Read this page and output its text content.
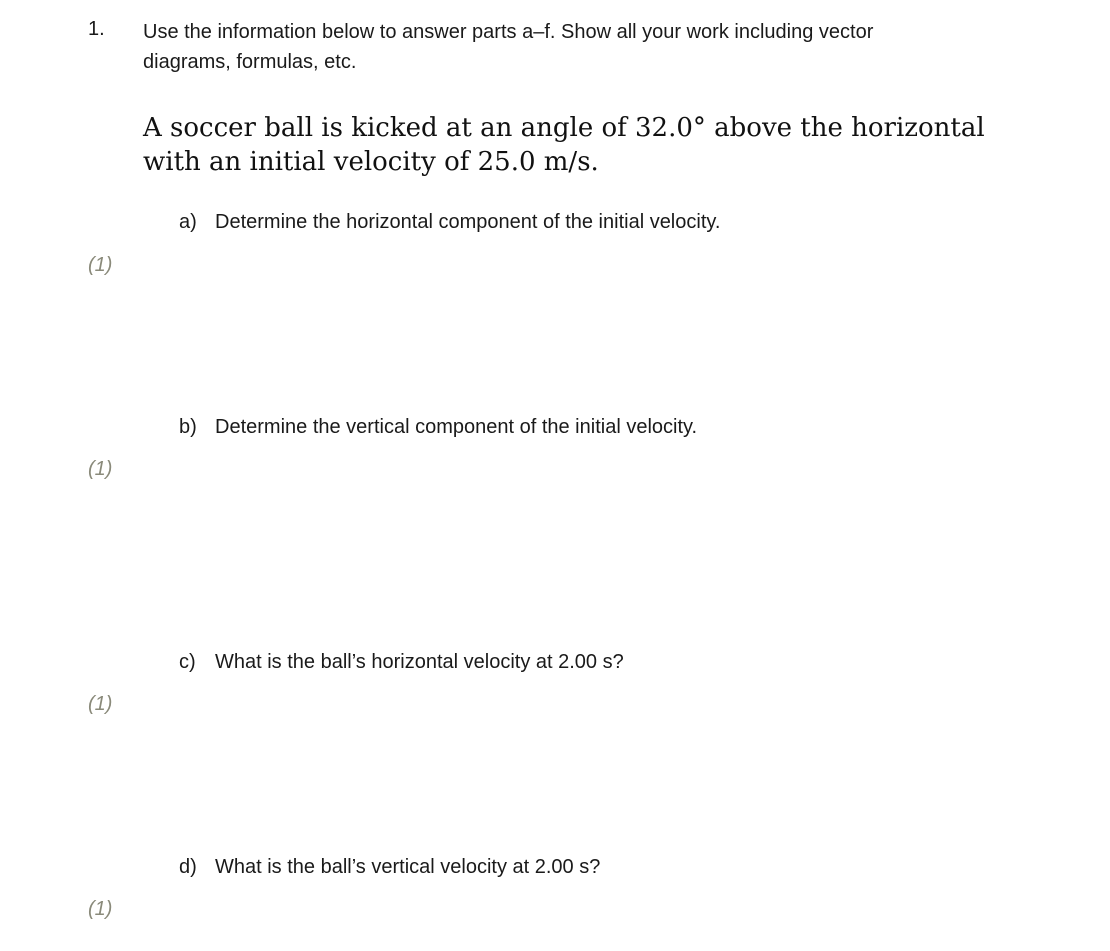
1. Use the information below to answer parts a–f. Show all your work including vector
diagrams, formulas, etc.
A soccer ball is kicked at an angle of 32.0° above the horizontal
with an initial velocity of 25.0 m/s.
a) Determine the horizontal component of the initial velocity.
(1)
b) Determine the vertical component of the initial velocity.
(1)
c) What is the ball’s horizontal velocity at 2.00 s?
(1)
d) What is the ball’s vertical velocity at 2.00 s?
(1)
